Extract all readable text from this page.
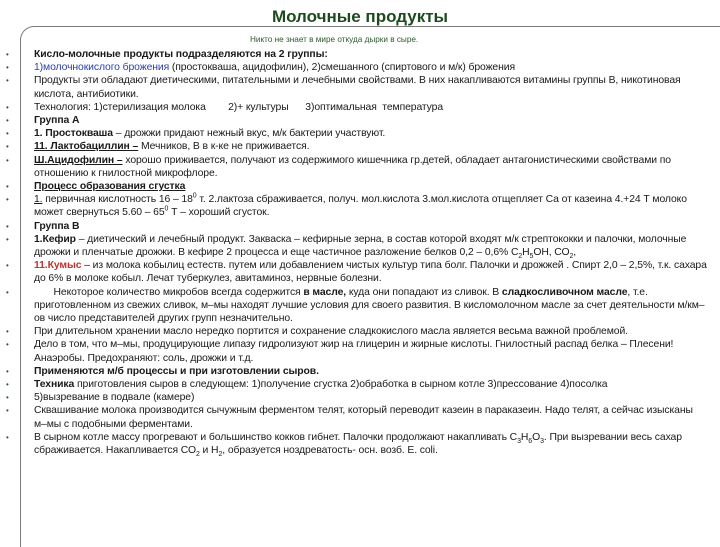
Молочные продукты
Никто не знает в мире откуда дырки в сыре.
• Кисло-молочные продукты подразделяются на 2 группы:
• 1)молочнокислого брожения (простокваша, ацидофилин), 2)смешанного (спиртового и м/к) брожения
• Продукты эти обладают диетическими, питательными и лечебными свойствами. В них накапливаются витамины группы В, никотиновая кислота, антибиотики.
• Технология: 1)стерилизация молока        2)+ культуры      3)оптимальная  температура
• Группа А
• 1. Простокваша – дрожжи придают нежный вкус, м/к бактерии участвуют.
• 11. Лактобациллин – Мечников, В в к-ке не приживается.
• Ш.Ацидофилин – хорошо приживается, получают из содержимого кишечника гр.детей, обладает антагонистическими свойствами по отношению к гнилостной микрофлоре.
• Процесс образования сгустка
• 1. первичная кислотность $16 - 18^0$ т. 2.лактоза сбраживается, получ. мол.кислота 3.мол.кислота отщепляет Са от казеина 4.+24 Т молоко может свернуться $5.60 - 65^0$ Т – хороший сгусток.
• Группа В
• 1.Кефир – диетический и лечебный продукт. Закваска – кефирные зерна, в состав которой входят м/к стрептококки и палочки, молочные дрожжи и пленчатые дрожжи. В кефире 2 процесса и еще частичное разложение белков 0,2 – 0,6% $С_2Н_5ОН$, $СО_2$,
• 11.Кумыс – из молока кобылиц естеств. путем или добавлением чистых культур типа болг. Палочки и дрожжей . Спирт 2,0 – 2,5%, т.к. сахара до 6% в молоке кобыл. Лечат туберкулез, авитаминоз, нервные болезни.
• Некоторое количество микробов всегда содержится в масле, куда они попадают из сливок. В сладкосливочном масле, т.е. приготовленном из свежих сливок, м–мы находят лучшие условия для своего развития. В кисломолочном масле за счет деятельности м/км–ов число представителей других групп незначительно.
• При длительном хранении масло нередко портится и сохранение сладкокислого масла является весьма важной проблемой.
• Дело в том, что м–мы, продуцирующие липазу гидролизуют жир на глицерин и жирные кислоты. Гнилостный распад белка – Плесени! Анаэробы. Предохраняют: соль, дрожжи и т.д.
• Применяются м/б процессы и при изготовлении сыров.
• Техника приготовления сыров в следующем: 1)получение сгустка 2)обработка в сырном котле 3)прессование 4)посолка
• 5)вызревание в подвале (камере)
• Сквашивание молока производится сычужным ферментом телят, который переводит казеин в параказеин. Надо телят, а сейчас изысканы м–мы с подобными ферментами.
• В сырном котле массу прогревают и большинство кокков гибнет. Палочки продолжают накапливать $С_3Н_6О_3$. При вызревании весь сахар сбраживается. Накапливается $СО_2$ и $Н_2$, образуется ноздреватость- осн. возб. Е. coli.
